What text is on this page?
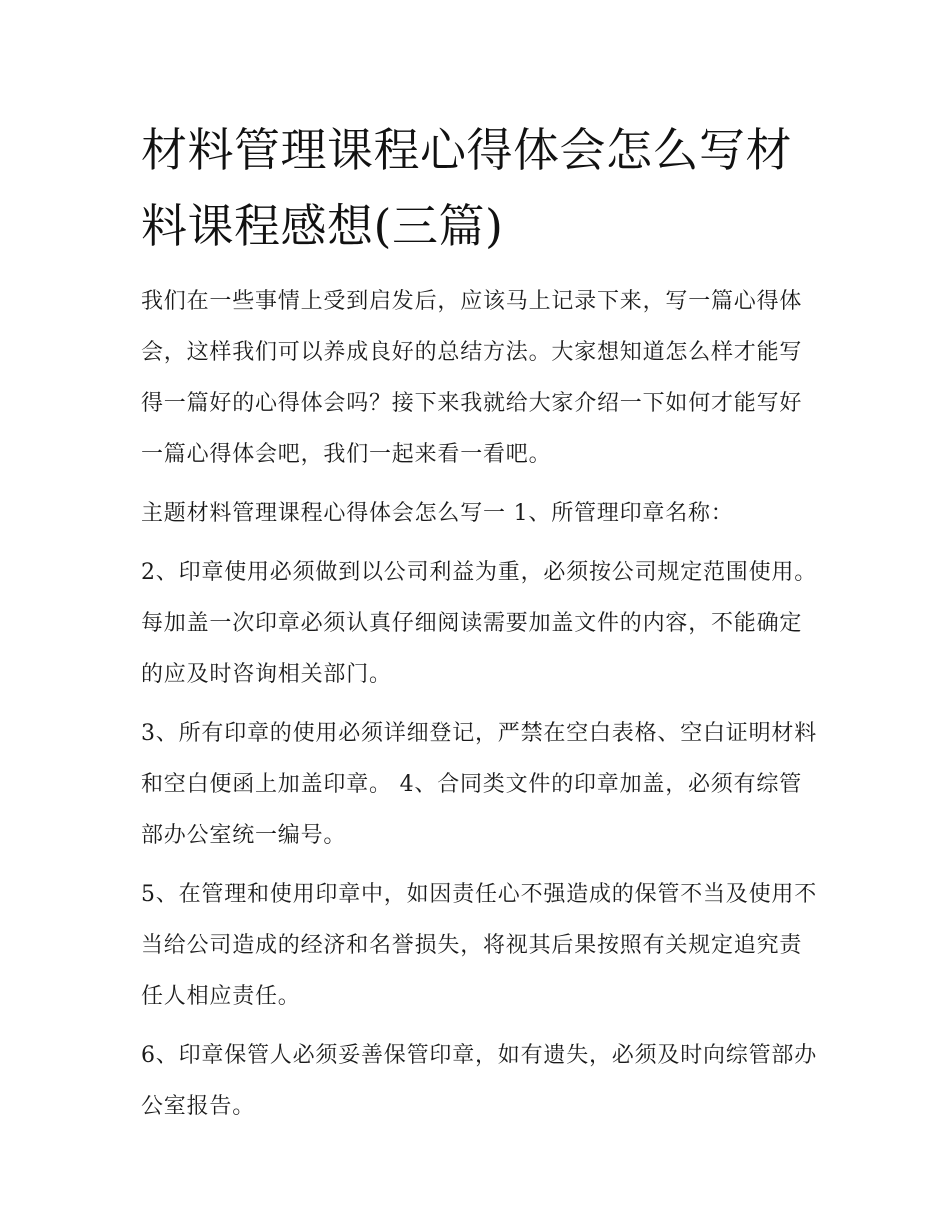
材料管理课程心得体会怎么写材料课程感想(三篇)

我们在一些事情上受到启发后，应该马上记录下来，写一篇心得体会，这样我们可以养成良好的总结方法。大家想知道怎么样才能写得一篇好的心得体会吗？接下来我就给大家介绍一下如何才能写好一篇心得体会吧，我们一起来看一看吧。

主题材料管理课程心得体会怎么写一 1、所管理印章名称：

2、印章使用必须做到以公司利益为重，必须按公司规定范围使用。每加盖一次印章必须认真仔细阅读需要加盖文件的内容，不能确定的应及时咨询相关部门。

3、所有印章的使用必须详细登记，严禁在空白表格、空白证明材料和空白便函上加盖印章。 4、合同类文件的印章加盖，必须有综管部办公室统一编号。

5、在管理和使用印章中，如因责任心不强造成的保管不当及使用不当给公司造成的经济和名誉损失，将视其后果按照有关规定追究责任人相应责任。

6、印章保管人必须妥善保管印章，如有遗失，必须及时向综管部办公室报告。
